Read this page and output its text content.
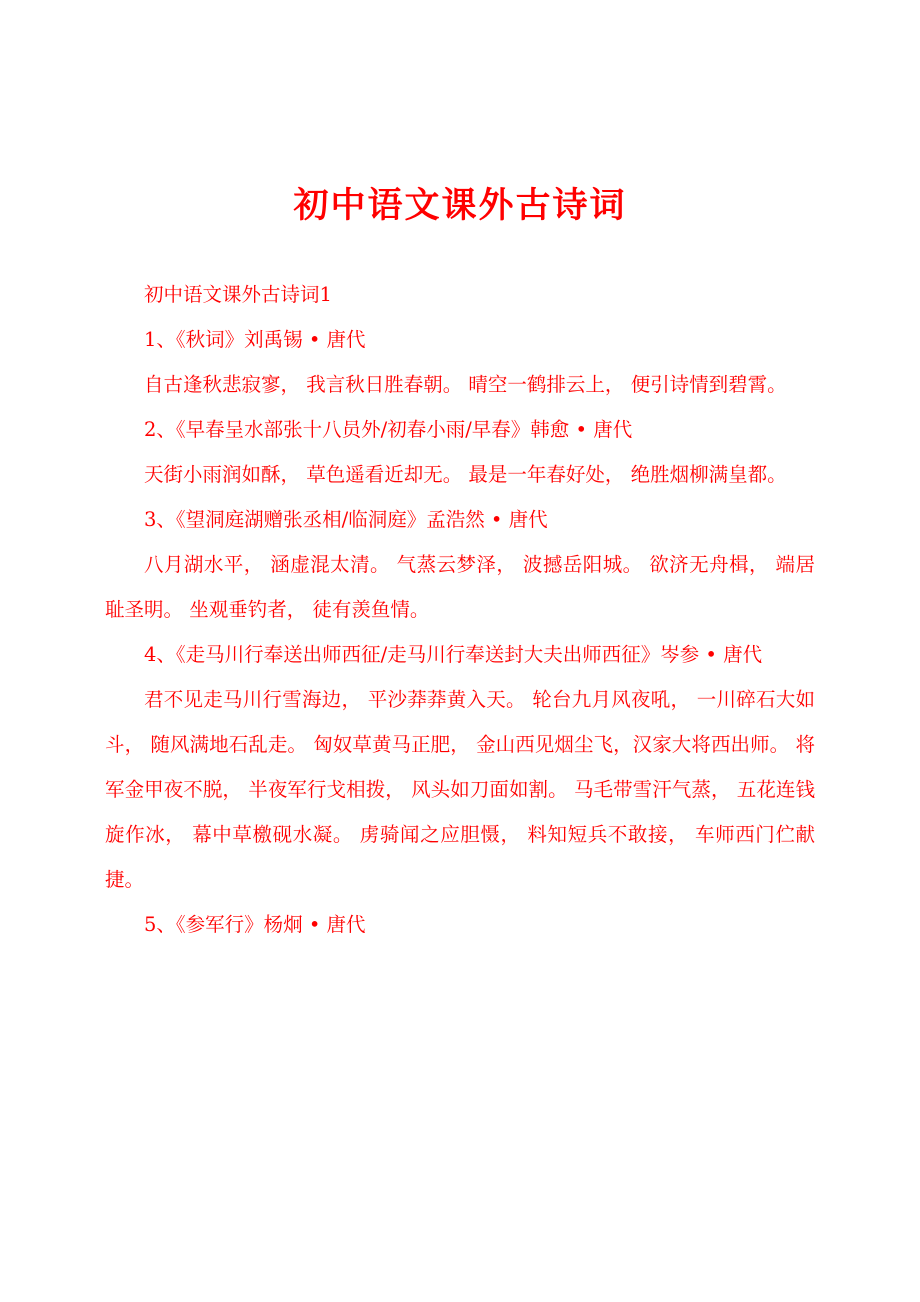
初中语文课外古诗词

初中语文课外古诗词1

1、《秋词》刘禹锡 • 唐代

自古逢秋悲寂寥， 我言秋日胜春朝。 晴空一鹤排云上， 便引诗情到碧霄。

2、《早春呈水部张十八员外/初春小雨/早春》韩愈 • 唐代

天街小雨润如酥， 草色遥看近却无。 最是一年春好处， 绝胜烟柳满皇都。

3、《望洞庭湖赠张丞相/临洞庭》孟浩然 • 唐代

八月湖水平， 涵虚混太清。 气蒸云梦泽， 波撼岳阳城。 欲济无舟楫， 端居耻圣明。 坐观垂钓者， 徒有羡鱼情。

4、《走马川行奉送出师西征/走马川行奉送封大夫出师西征》岑参 • 唐代

君不见走马川行雪海边， 平沙莽莽黄入天。 轮台九月风夜吼， 一川碎石大如斗， 随风满地石乱走。 匈奴草黄马正肥， 金山西见烟尘飞，汉家大将西出师。 将军金甲夜不脱， 半夜军行戈相拨， 风头如刀面如割。 马毛带雪汗气蒸， 五花连钱旋作冰， 幕中草檄砚水凝。 虏骑闻之应胆慑， 料知短兵不敢接， 车师西门伫献捷。

5、《参军行》杨炯 • 唐代
